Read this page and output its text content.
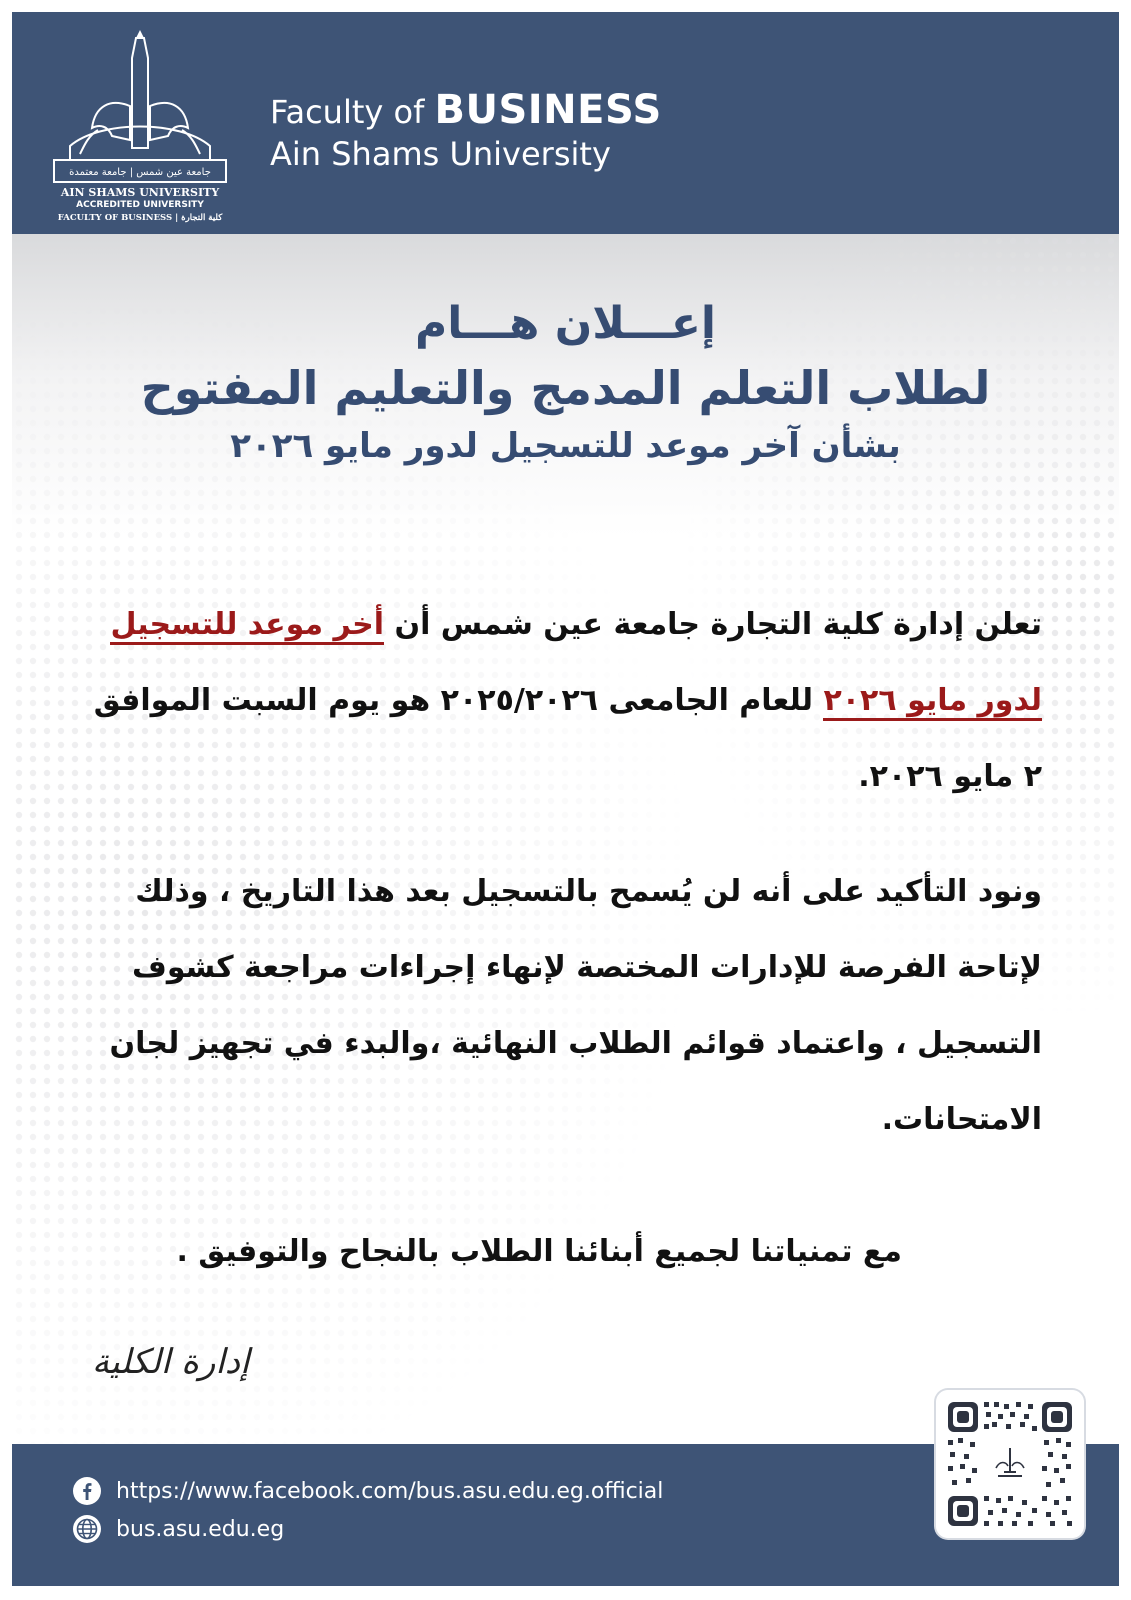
جامعة عين شمس | جامعة معتمدة
AIN SHAMS UNIVERSITY
ACCREDITED UNIVERSITY
FACULTY OF BUSINESS | كلية التجارة
Faculty of BUSINESS
Ain Shams University
إعـــلان هـــام
لطلاب التعلم المدمج والتعليم المفتوح
بشأن آخر موعد للتسجيل لدور مايو ٢٠٢٦
تعلن إدارة كلية التجارة جامعة عين شمس أن أخر موعد للتسجيل لدور مايو ٢٠٢٦ للعام الجامعى ٢٠٢٥/٢٠٢٦ هو يوم السبت الموافق ٢ مايو ٢٠٢٦.
ونود التأكيد على أنه لن يُسمح بالتسجيل بعد هذا التاريخ ، وذلك لإتاحة الفرصة للإدارات المختصة لإنهاء إجراءات مراجعة كشوف التسجيل ، واعتماد قوائم الطلاب النهائية ،والبدء في تجهيز لجان الامتحانات.
مع تمنياتنا لجميع أبنائنا الطلاب بالنجاح والتوفيق .
إدارة الكلية
https://www.facebook.com/bus.asu.edu.eg.official
bus.asu.edu.eg
